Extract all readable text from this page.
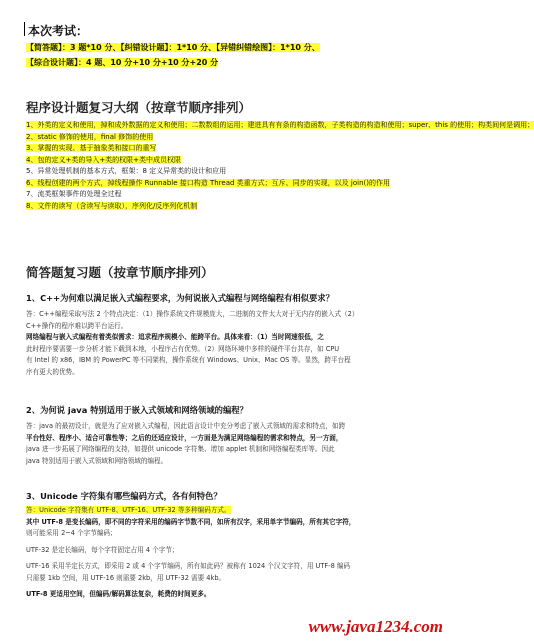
本次考试：
【简答题】：3 题*10 分、【纠错设计题】：1*10 分、【异错纠错绘图】：1*10 分、
【综合设计题】：4 题、10 分+10 分+10 分+20 分
程序设计题复习大纲（按章节顺序排列）
1、外类的定义和使用，掉和成外数据的定义和使用；二数数组的运用；建进具有有条的构造函数，子类构造的构造和使用；super、this 的使用；构类间何是调用；
2、static 修饰的使用，final 修饰的使用
3、掌握的实现、基于抽象类和接口的重写
4、包的定义+类的导入+类的权限+类中成员权限
5、异常处理机制的基本方式，框架：8 定义异常类的设计和应用
6、线程创建的两个方式，掉线程操作 Runnable 接口构造 Thread 类重方式；互斥、同步的实现，以及 join()的作用
7、流类框架事件的处理全过程
8、文件的读写（含读写与读取），序列化/反序列化机制
简答题复习题（按章节顺序排列）
1、C++为何难以满足嵌入式编程要求，为何说嵌入式编程与网络编程有相似要求？

答：C++编程采取写法 2 个特点决定：（1）操作系统文件规模庞大，二进制的文件太大对于无内存的嵌入式（2）

C++操作的程序难以跨平台运行。

网络编程与嵌入式编程有着类似需求：追求程序规模小、能跨平台。具体来看：（1）当时网速很低，之

此时程序要需要一步分析才能下载到本地，小程序占有优势。（2）网络环境中多样的硬件平台共存，如 CPU

有 Intel 的 x86，IBM 的 PowerPC 等不同架构，操作系统有 Windows、Unix、Mac OS 等。显然，跨平台程

序有更大的优势。

2、为何说 java 特别适用于嵌入式领域和网络领域的编程？

答：java 的最初设计，就是为了应对嵌入式编程，因此语言设计中充分考虑了嵌入式领域的需求和特点，如跨

平台性好、程序小、适合可靠性等；之后的还适应设计，一方面是为满足网络编程的需求和特点，另一方面，

java 进一步拓展了网络编程的支持，如提供 unicode 字符集、增加 applet 机制和网络编程类库等。因此

java 特别适用于嵌入式领域和网络领域的编程。

3、Unicode 字符集有哪些编码方式，各有何特色？

答：Unicode 字符集有 UTF-8、UTF-16、UTF-32 等多种编码方式。

其中 UTF-8 是变长编码，即不同的字符采用的编码字节数不同，如所有汉字，采用单字节编码，所有其它字符，

则可能采用 2~4 个字节编码；

UTF-32 是定长编码，每个字符固定占用 4 个字节；

UTF-16 采用半定长方式，即采用 2 或 4 个字节编码，所有如此码？被称有 1024 个汉文字符，用 UTF-8 编码

只需要 1kb 空间，用 UTF-16 则需要 2kb，用 UTF-32 需要 4kb。

UTF-8 更适用空间，但编码/解码算法复杂，耗费的时间更多。

www.java1234.com
